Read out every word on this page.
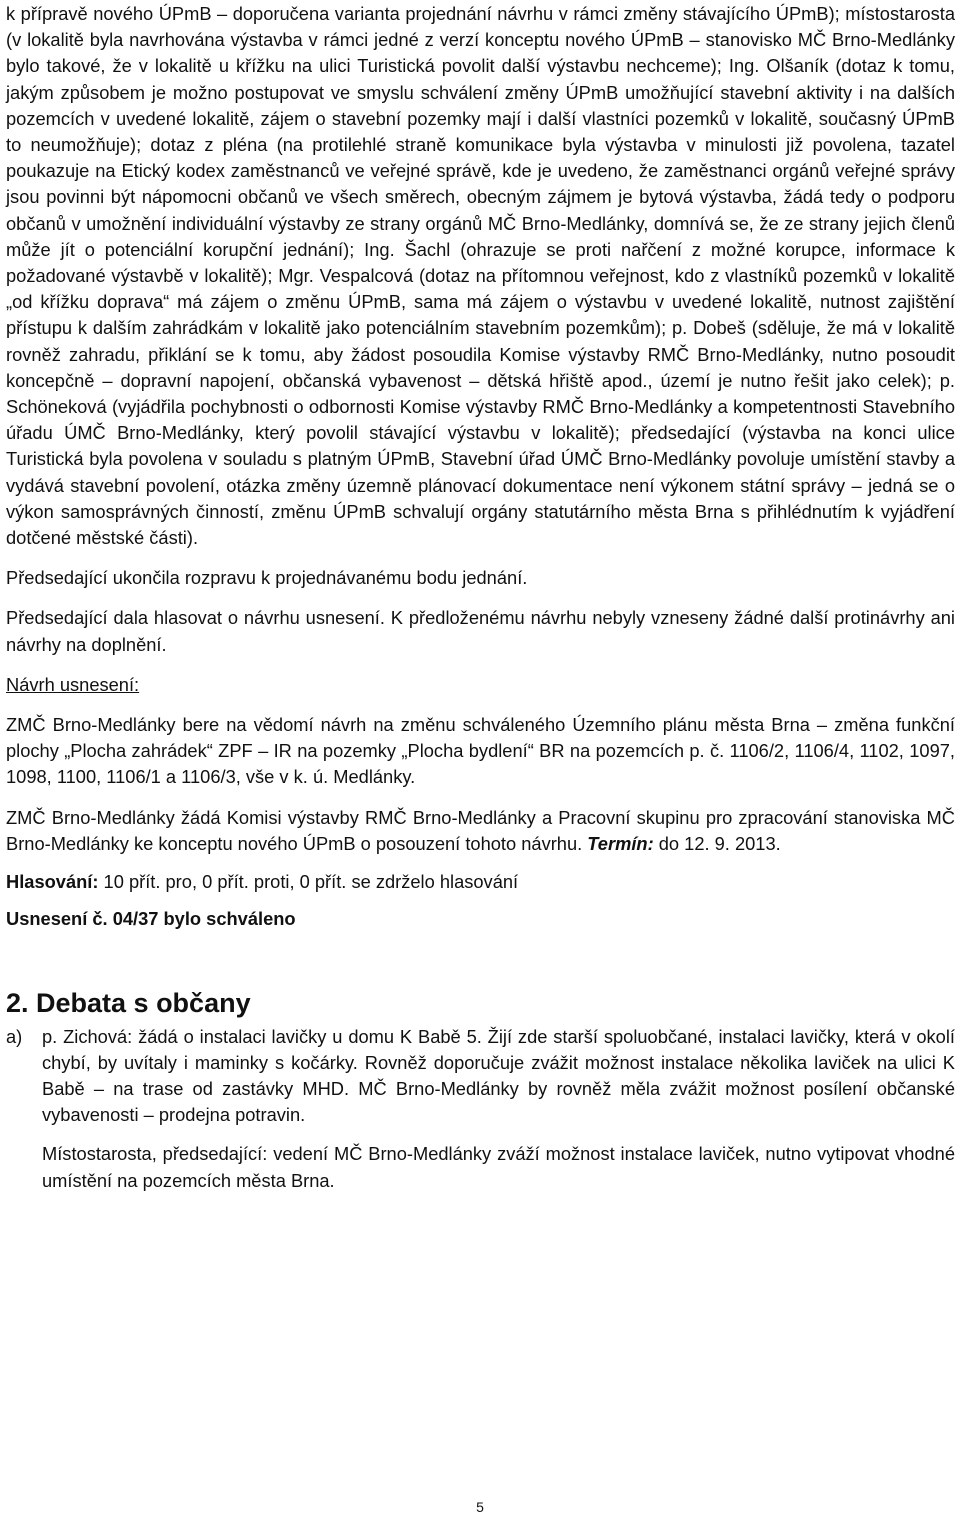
k přípravě nového ÚPmB – doporučena varianta projednání návrhu v rámci změny stávajícího ÚPmB); místostarosta (v lokalitě byla navrhována výstavba v rámci jedné z verzí konceptu nového ÚPmB – stanovisko MČ Brno-Medlánky bylo takové, že v lokalitě u křížku na ulici Turistická povolit další výstavbu nechceme); Ing. Olšaník (dotaz k tomu, jakým způsobem je možno postupovat ve smyslu schválení změny ÚPmB umožňující stavební aktivity i na dalších pozemcích v uvedené lokalitě, zájem o stavební pozemky mají i další vlastníci pozemků v lokalitě, současný ÚPmB to neumožňuje); dotaz z pléna (na protilehlé straně komunikace byla výstavba v minulosti již povolena, tazatel poukazuje na Etický kodex zaměstnanců ve veřejné správě, kde je uvedeno, že zaměstnanci orgánů veřejné správy jsou povinni být nápomocni občanů ve všech směrech, obecným zájmem je bytová výstavba, žádá tedy o podporu občanů v umožnění individuální výstavby ze strany orgánů MČ Brno-Medlánky, domnívá se, že ze strany jejich členů může jít o potenciální korupční jednání); Ing. Šachl (ohrazuje se proti nařčení z možné korupce, informace k požadované výstavbě v lokalitě); Mgr. Vespalcová (dotaz na přítomnou veřejnost, kdo z vlastníků pozemků v lokalitě „od křížku doprava“ má zájem o změnu ÚPmB, sama má zájem o výstavbu v uvedené lokalitě, nutnost zajištění přístupu k dalším zahrádkám v lokalitě jako potenciálním stavebním pozemkům); p. Dobeš (sděluje, že má v lokalitě rovněž zahradu, přiklání se k tomu, aby žádost posoudila Komise výstavby RMČ Brno-Medlánky, nutno posoudit koncepčně – dopravní napojení, občanská vybavenost – dětská hřiště apod., území je nutno řešit jako celek); p. Schöneková (vyjádřila pochybnosti o odbornosti Komise výstavby RMČ Brno-Medlánky a kompetentnosti Stavebního úřadu ÚMČ Brno-Medlánky, který povolil stávající výstavbu v lokalitě); předsedající (výstavba na konci ulice Turistická byla povolena v souladu s platným ÚPmB, Stavební úřad ÚMČ Brno-Medlánky povoluje umístění stavby a vydává stavební povolení, otázka změny územně plánovací dokumentace není výkonem státní správy – jedná se o výkon samosprávných činností, změnu ÚPmB schvalují orgány statutárního města Brna s přihlédnutím k vyjádření dotčené městské části).

Předsedající ukončila rozpravu k projednávanému bodu jednání.

Předsedající dala hlasovat o návrhu usnesení. K předloženému návrhu nebyly vzneseny žádné další protinávrhy ani návrhy na doplnění.

Návrh usnesení:

ZMČ Brno-Medlánky bere na vědomí návrh na změnu schváleného Územního plánu města Brna – změna funkční plochy „Plocha zahrádek“ ZPF – IR na pozemky „Plocha bydlení“ BR na pozemcích p. č. 1106/2, 1106/4, 1102, 1097, 1098, 1100, 1106/1 a 1106/3, vše v k. ú. Medlánky.

ZMČ Brno-Medlánky žádá Komisi výstavby RMČ Brno-Medlánky a Pracovní skupinu pro zpracování stanoviska MČ Brno-Medlánky ke konceptu nového ÚPmB o posouzení tohoto návrhu. Termín: do 12. 9. 2013.

Hlasování: 10 přít. pro, 0 přít. proti, 0 přít. se zdrželo hlasování

Usnesení č. 04/37 bylo schváleno

2. Debata s občany
a)	p. Zichová: žádá o instalaci lavičky u domu K Babě 5. Žijí zde starší spoluobčané, instalaci lavičky, která v okolí chybí, by uvítaly i maminky s kočárky. Rovněž doporučuje zvážit možnost instalace několika laviček na ulici K Babě – na trase od zastávky MHD. MČ Brno-Medlánky by rovněž měla zvážit možnost posílení občanské vybavenosti – prodejna potravin.

Místostarosta, předsedající: vedení MČ Brno-Medlánky zváží možnost instalace laviček, nutno vytipovat vhodné umístění na pozemcích města Brna.

5
